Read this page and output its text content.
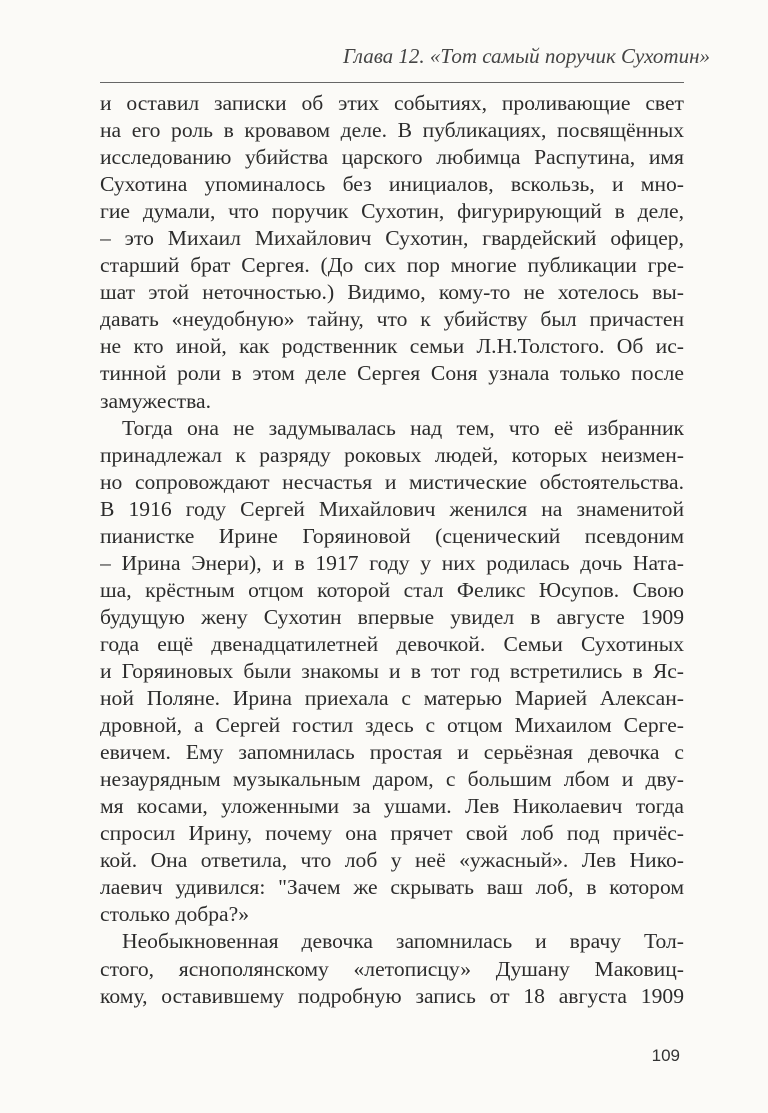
Глава 12. «Тот самый поручик Сухотин»
и оставил записки об этих событиях, проливающие свет
на его роль в кровавом деле. В публикациях, посвящённых
исследованию убийства царского любимца Распутина, имя
Сухотина упоминалось без инициалов, вскользь, и мно-
гие думали, что поручик Сухотин, фигурирующий в деле,
– это Михаил Михайлович Сухотин, гвардейский офицер,
старший брат Сергея. (До сих пор многие публикации гре-
шат этой неточностью.) Видимо, кому-то не хотелось вы-
давать «неудобную» тайну, что к убийству был причастен
не кто иной, как родственник семьи Л.Н.Толстого. Об ис-
тинной роли в этом деле Сергея Соня узнала только после
замужества.
Тогда она не задумывалась над тем, что её избранник
принадлежал к разряду роковых людей, которых неизмен-
но сопровождают несчастья и мистические обстоятельства.
В 1916 году Сергей Михайлович женился на знаменитой
пианистке Ирине Горяиновой (сценический псевдоним
– Ирина Энери), и в 1917 году у них родилась дочь Ната-
ша, крёстным отцом которой стал Феликс Юсупов. Свою
будущую жену Сухотин впервые увидел в августе 1909
года ещё двенадцатилетней девочкой. Семьи Сухотиных
и Горяиновых были знакомы и в тот год встретились в Яс-
ной Поляне. Ирина приехала с матерью Марией Алексан-
дровной, а Сергей гостил здесь с отцом Михаилом Серге-
евичем. Ему запомнилась простая и серьёзная девочка с
незаурядным музыкальным даром, с большим лбом и дву-
мя косами, уложенными за ушами. Лев Николаевич тогда
спросил Ирину, почему она прячет свой лоб под причёс-
кой. Она ответила, что лоб у неё «ужасный». Лев Нико-
лаевич удивился: "Зачем же скрывать ваш лоб, в котором
столько добра?»
Необыкновенная девочка запомнилась и врачу Тол-
стого, яснополянскому «летописцу» Душану Маковиц-
кому, оставившему подробную запись от 18 августа 1909
109
